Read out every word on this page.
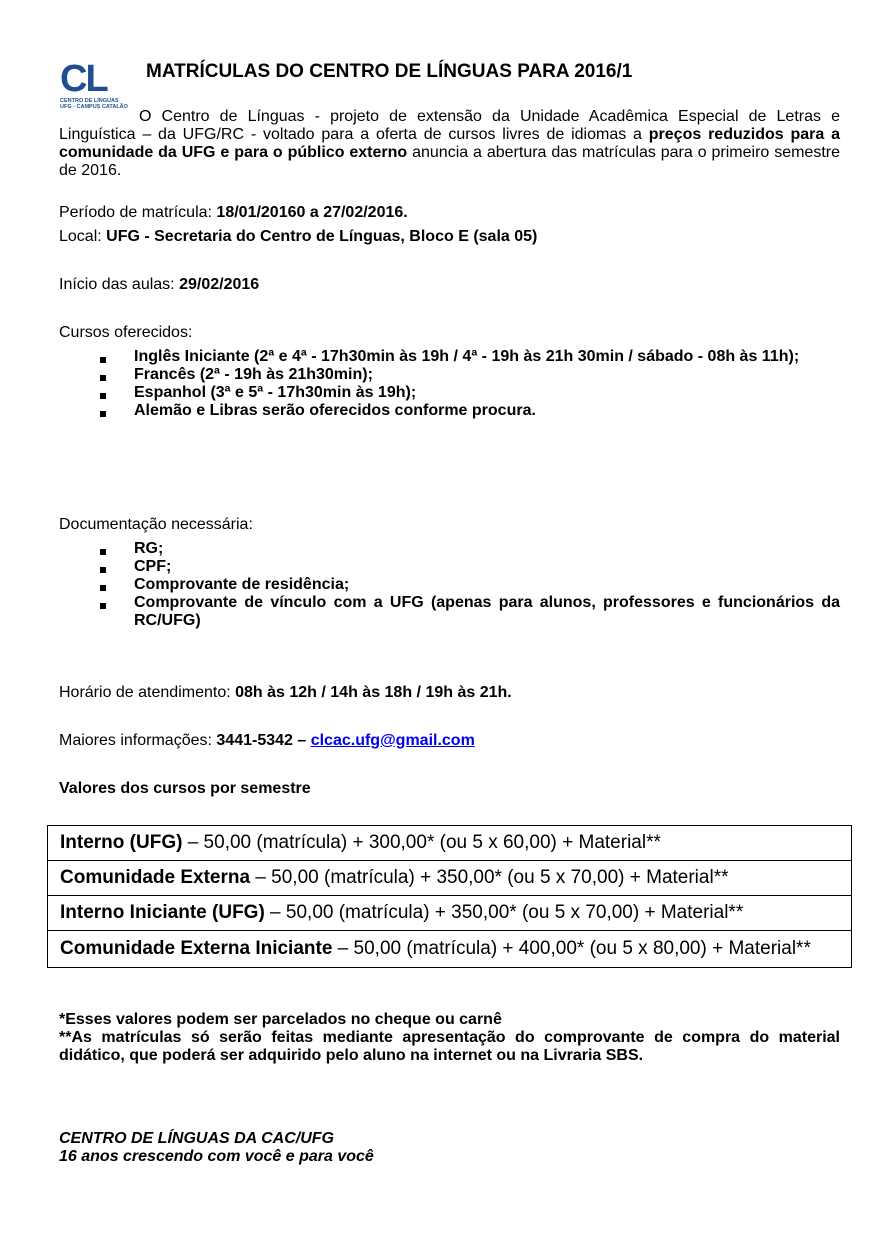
CL
CENTRO DE LÍNGUAS
UFG - CAMPUS CATALÃO
MATRÍCULAS DO CENTRO DE LÍNGUAS PARA 2016/1
O Centro de Línguas - projeto de extensão da Unidade Acadêmica Especial de Letras e Linguística – da UFG/RC - voltado para a oferta de cursos livres de idiomas a preços reduzidos para a comunidade da UFG e para o público externo anuncia a abertura das matrículas para o primeiro semestre de 2016.
Período de matrícula: 18/01/20160 a 27/02/2016.
Local: UFG - Secretaria do Centro de Línguas, Bloco E (sala 05)
Início das aulas: 29/02/2016
Cursos oferecidos:
Inglês Iniciante (2ª e 4ª - 17h30min às 19h / 4ª - 19h às 21h 30min / sábado - 08h às 11h);
Francês (2ª - 19h às 21h30min);
Espanhol (3ª e 5ª - 17h30min às 19h);
Alemão e Libras serão oferecidos conforme procura.
Documentação necessária:
RG;
CPF;
Comprovante de residência;
Comprovante de vínculo com a UFG (apenas para alunos, professores e funcionários da RC/UFG)
Horário de atendimento: 08h às 12h / 14h às 18h / 19h às 21h.
Maiores informações: 3441-5342 – clcac.ufg@gmail.com
Valores dos cursos por semestre
Interno (UFG) – 50,00 (matrícula) + 300,00* (ou 5 x 60,00) + Material**
Comunidade Externa – 50,00 (matrícula) + 350,00* (ou 5 x 70,00) + Material**
Interno Iniciante (UFG) – 50,00 (matrícula) + 350,00* (ou 5 x 70,00) + Material**
Comunidade Externa Iniciante – 50,00 (matrícula) + 400,00* (ou 5 x 80,00) + Material**
*Esses valores podem ser parcelados no cheque ou carnê
**As matrículas só serão feitas mediante apresentação do comprovante de compra do material didático, que poderá ser adquirido pelo aluno na internet ou na Livraria SBS.
CENTRO DE LÍNGUAS DA CAC/UFG
16 anos crescendo com você e para você
